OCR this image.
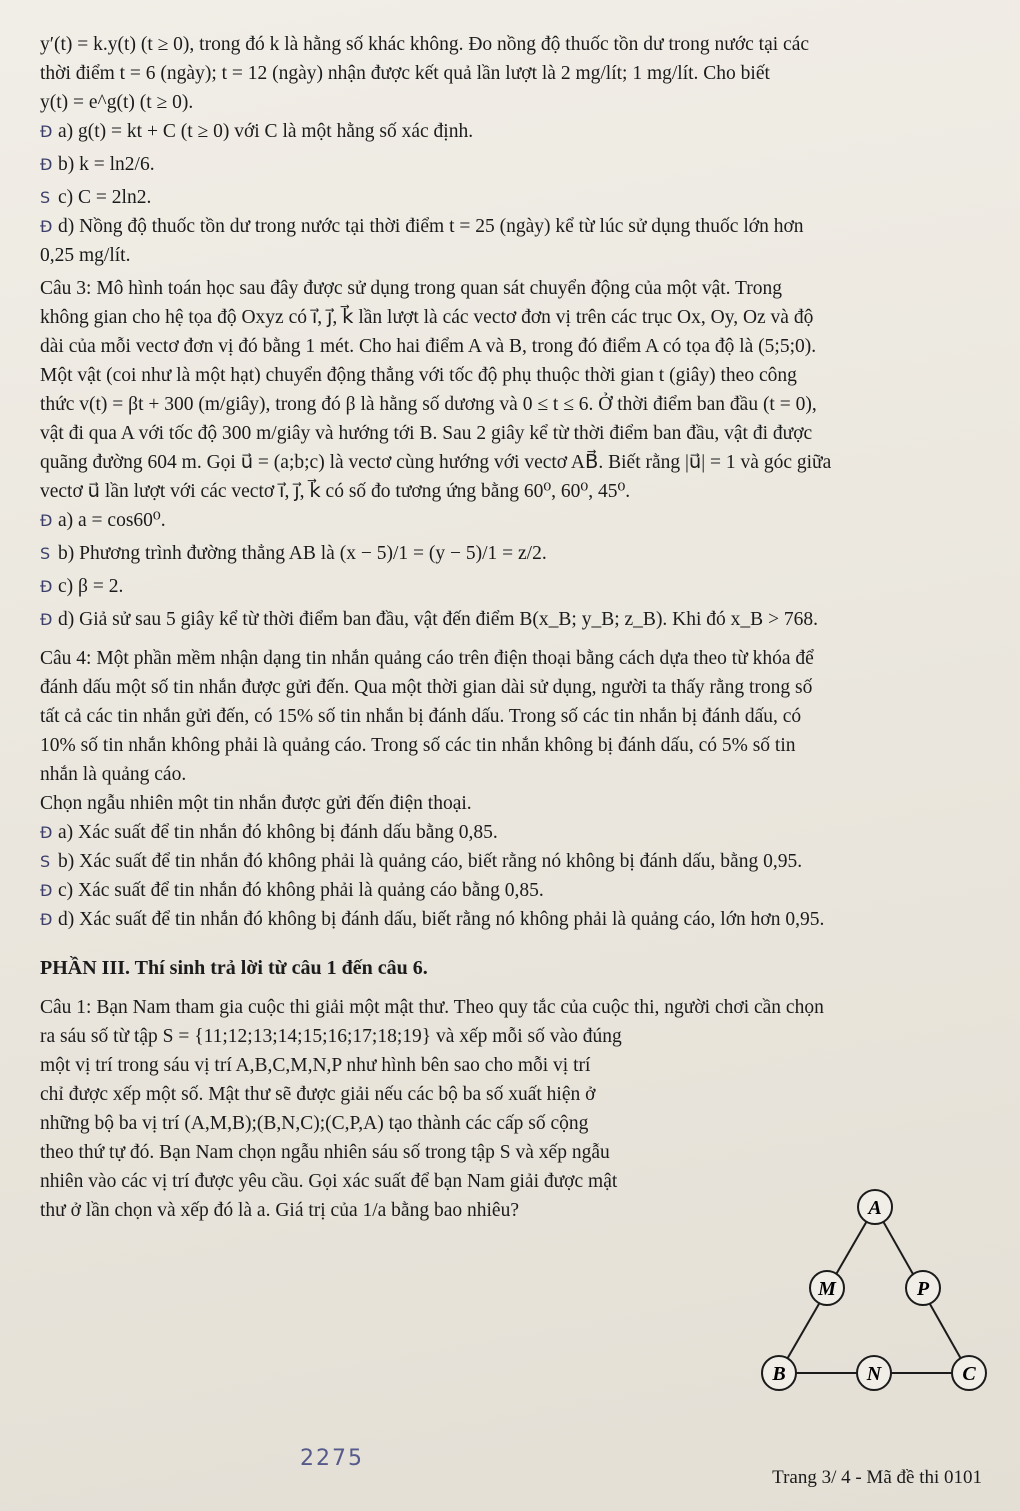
y′(t) = k.y(t) (t ≥ 0), trong đó k là hằng số khác không. Đo nồng độ thuốc tồn dư trong nước tại các

thời điểm t = 6 (ngày); t = 12 (ngày) nhận được kết quả lần lượt là 2 mg/lít; 1 mg/lít. Cho biết

y(t) = e^g(t) (t ≥ 0).

Đ a) g(t) = kt + C (t ≥ 0) với C là một hằng số xác định.

Đ b) k = ln2/6.

S c) C = 2ln2.

Đ d) Nồng độ thuốc tồn dư trong nước tại thời điểm t = 25 (ngày) kể từ lúc sử dụng thuốc lớn hơn

0,25 mg/lít.

Câu 3: Mô hình toán học sau đây được sử dụng trong quan sát chuyển động của một vật. Trong

không gian cho hệ tọa độ Oxyz có i⃗, j⃗, k⃗ lần lượt là các vectơ đơn vị trên các trục Ox, Oy, Oz và độ

dài của mỗi vectơ đơn vị đó bằng 1 mét. Cho hai điểm A và B, trong đó điểm A có tọa độ là (5;5;0).

Một vật (coi như là một hạt) chuyển động thẳng với tốc độ phụ thuộc thời gian t (giây) theo công

thức v(t) = βt + 300 (m/giây), trong đó β là hằng số dương và 0 ≤ t ≤ 6. Ở thời điểm ban đầu (t = 0),

vật đi qua A với tốc độ 300 m/giây và hướng tới B. Sau 2 giây kể từ thời điểm ban đầu, vật đi được

quãng đường 604 m. Gọi u⃗ = (a;b;c) là vectơ cùng hướng với vectơ AB⃗. Biết rằng |u⃗| = 1 và góc giữa

vectơ u⃗ lần lượt với các vectơ i⃗, j⃗, k⃗ có số đo tương ứng bằng 60⁰, 60⁰, 45⁰.

Đ a) a = cos60⁰.

S b) Phương trình đường thẳng AB là (x − 5)/1 = (y − 5)/1 = z/2.

Đ c) β = 2.

Đ d) Giả sử sau 5 giây kể từ thời điểm ban đầu, vật đến điểm B(x_B; y_B; z_B). Khi đó x_B > 768.

Câu 4: Một phần mềm nhận dạng tin nhắn quảng cáo trên điện thoại bằng cách dựa theo từ khóa để

đánh dấu một số tin nhắn được gửi đến. Qua một thời gian dài sử dụng, người ta thấy rằng trong số

tất cả các tin nhắn gửi đến, có 15% số tin nhắn bị đánh dấu. Trong số các tin nhắn bị đánh dấu, có

10% số tin nhắn không phải là quảng cáo. Trong số các tin nhắn không bị đánh dấu, có 5% số tin

nhắn là quảng cáo.

Chọn ngẫu nhiên một tin nhắn được gửi đến điện thoại.

Đ a) Xác suất để tin nhắn đó không bị đánh dấu bằng 0,85.

S b) Xác suất để tin nhắn đó không phải là quảng cáo, biết rằng nó không bị đánh dấu, bằng 0,95.

Đ c) Xác suất để tin nhắn đó không phải là quảng cáo bằng 0,85.

Đ d) Xác suất để tin nhắn đó không bị đánh dấu, biết rằng nó không phải là quảng cáo, lớn hơn 0,95.

PHẦN III. Thí sinh trả lời từ câu 1 đến câu 6.

Câu 1: Bạn Nam tham gia cuộc thi giải một mật thư. Theo quy tắc của cuộc thi, người chơi cần chọn

ra sáu số từ tập S = {11;12;13;14;15;16;17;18;19} và xếp mỗi số vào đúng

một vị trí trong sáu vị trí A,B,C,M,N,P như hình bên sao cho mỗi vị trí

chỉ được xếp một số. Mật thư sẽ được giải nếu các bộ ba số xuất hiện ở

những bộ ba vị trí (A,M,B);(B,N,C);(C,P,A) tạo thành các cấp số cộng

theo thứ tự đó. Bạn Nam chọn ngẫu nhiên sáu số trong tập S và xếp ngẫu

nhiên vào các vị trí được yêu cầu. Gọi xác suất để bạn Nam giải được mật

thư ở lần chọn và xếp đó là a. Giá trị của 1/a bằng bao nhiêu?	A
M	P
B	N	C
2275
Trang 3/ 4 - Mã đề thi 0101
